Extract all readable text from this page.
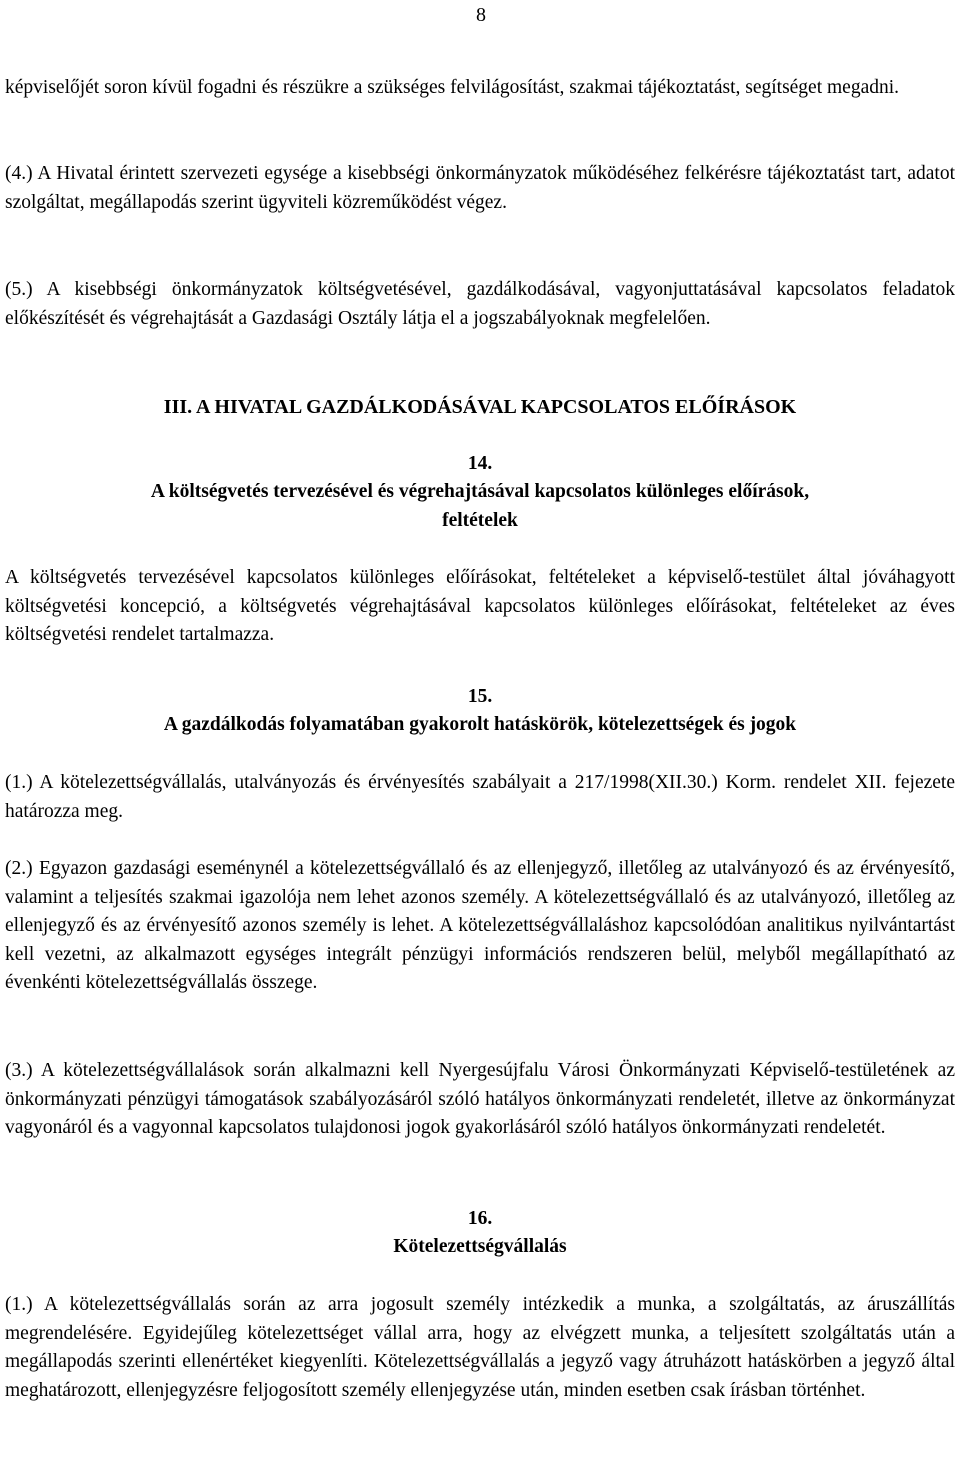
8

képviselőjét soron kívül fogadni és részükre a szükséges felvilágosítást, szakmai tájékoztatást, segítséget megadni.

(4.) A Hivatal érintett szervezeti egysége a kisebbségi önkormányzatok működéséhez felkérésre tájékoztatást tart, adatot szolgáltat, megállapodás szerint ügyviteli közreműködést végez.

(5.) A kisebbségi önkormányzatok költségvetésével, gazdálkodásával, vagyonjuttatásával kapcsolatos feladatok előkészítését és végrehajtását a Gazdasági Osztály látja el a jogszabályoknak megfelelően.

III. A HIVATAL GAZDÁLKODÁSÁVAL KAPCSOLATOS ELŐÍRÁSOK
14.
A költségvetés tervezésével és végrehajtásával kapcsolatos különleges előírások,
feltételek

A költségvetés tervezésével kapcsolatos különleges előírásokat, feltételeket a képviselő-testület által jóváhagyott költségvetési koncepció, a költségvetés végrehajtásával kapcsolatos különleges előírásokat, feltételeket az éves költségvetési rendelet tartalmazza.

15.
A gazdálkodás folyamatában gyakorolt hatáskörök, kötelezettségek és jogok

(1.) A kötelezettségvállalás, utalványozás és érvényesítés szabályait a 217/1998(XII.30.) Korm. rendelet XII. fejezete határozza meg.

(2.) Egyazon gazdasági eseménynél a kötelezettségvállaló és az ellenjegyző, illetőleg az utalványozó és az érvényesítő, valamint a teljesítés szakmai igazolója nem lehet azonos személy. A kötelezettségvállaló és az utalványozó, illetőleg az ellenjegyző és az érvényesítő azonos személy is lehet. A kötelezettségvállaláshoz kapcsolódóan analitikus nyilvántartást kell vezetni, az alkalmazott egységes integrált pénzügyi információs rendszeren belül, melyből megállapítható az évenkénti kötelezettségvállalás összege.

(3.) A kötelezettségvállalások során alkalmazni kell Nyergesújfalu Városi Önkormányzati Képviselő-testületének az önkormányzati pénzügyi támogatások szabályozásáról szóló hatályos önkormányzati rendeletét, illetve az önkormányzat vagyonáról és a vagyonnal kapcsolatos tulajdonosi jogok gyakorlásáról szóló hatályos önkormányzati rendeletét.

16.
Kötelezettségvállalás

(1.) A kötelezettségvállalás során az arra jogosult személy intézkedik a munka, a szolgáltatás, az áruszállítás megrendelésére. Egyidejűleg kötelezettséget vállal arra, hogy az elvégzett munka, a teljesített szolgáltatás után a megállapodás szerinti ellenértéket kiegyenlíti. Kötelezettségvállalás a jegyző vagy átruházott hatáskörben a jegyző által meghatározott, ellenjegyzésre feljogosított személy ellenjegyzése után, minden esetben csak írásban történhet.
